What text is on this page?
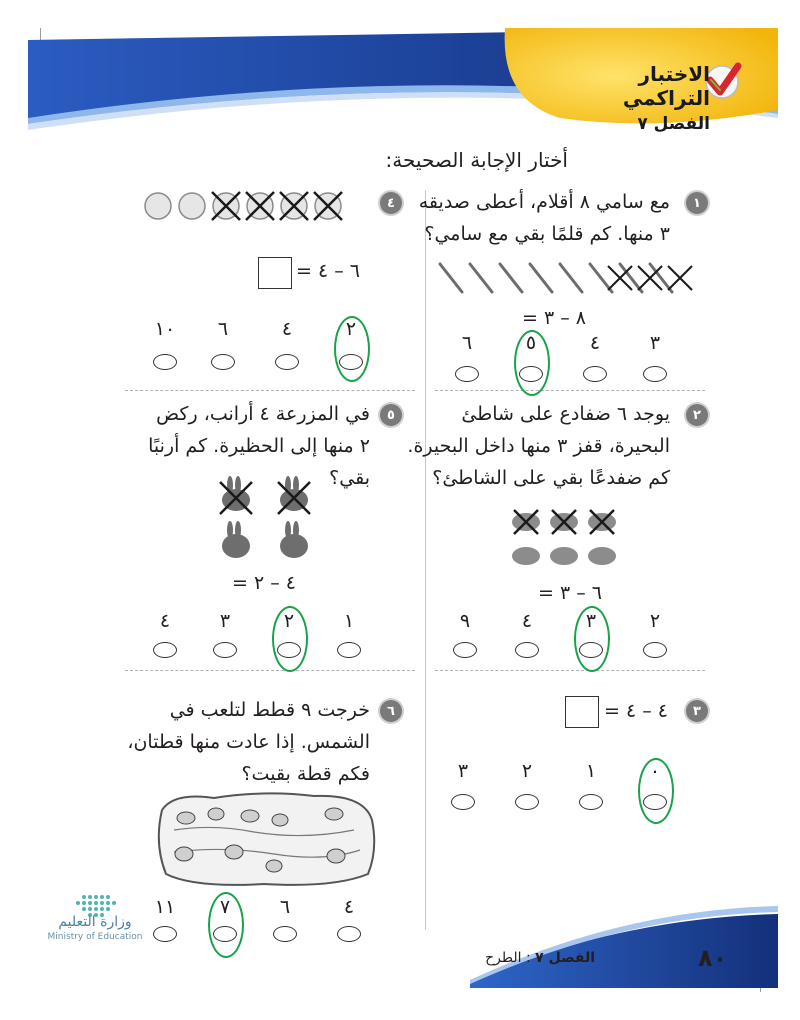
الاختبار التراكمي
الفصل ٧
أختار الإجابة الصحيحة:
١
مع سامي ٨ أقلام، أعطى صديقه
٣ منها. كم قلمًا بقي مع سامي؟
٨ – ٣ =
٣
٤
٥
٦
٤
٦ – ٤ =
٢
٤
٦
١٠
٢
يوجد ٦ ضفادع على شاطئ
البحيرة، قفز ٣ منها داخل البحيرة.
كم ضفدعًا بقي على الشاطئ؟
٦ – ٣ =
٢
٣
٤
٩
٥
في المزرعة ٤ أرانب، ركض
٢ منها إلى الحظيرة. كم أرنبًا بقي؟
٤ – ٢ =
١
٢
٣
٤
٣
٤ – ٤ =
٠
١
٢
٣
٦
خرجت ٩ قطط لتلعب في
الشمس. إذا عادت منها قطتان،
فكم قطة بقيت؟
٤
٦
٧
١١
وزارة التعليم
Ministry of Education
٨٠
الفصل ٧ : الطرح
